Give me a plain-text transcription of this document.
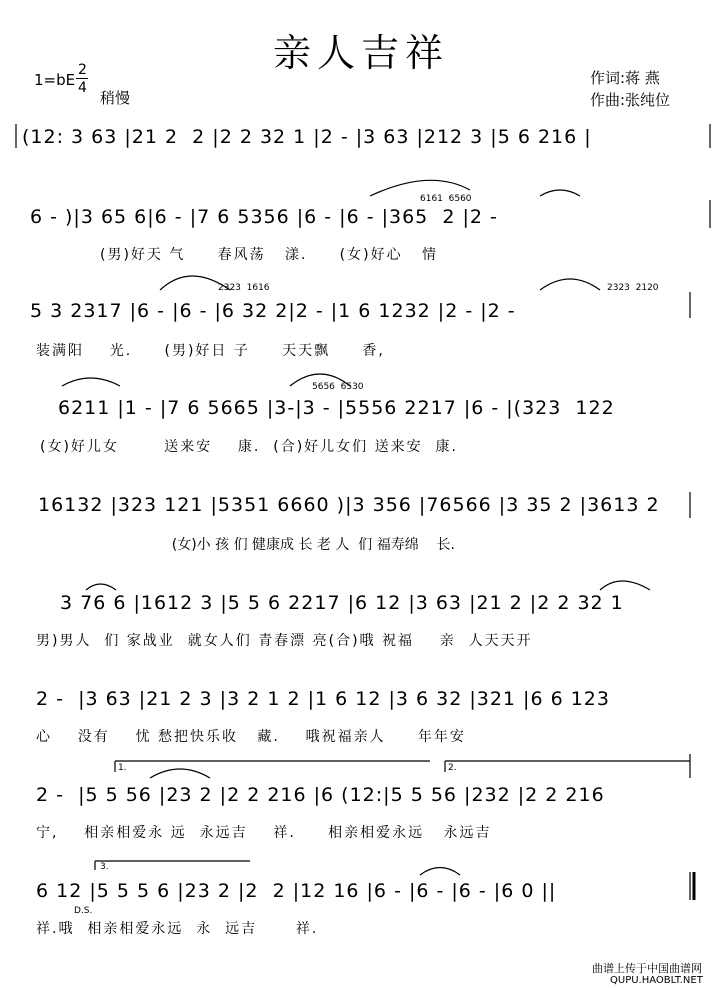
亲人吉祥
1=bE
2
4
稍慢
作词:蒋 燕
作曲:张纯位
(12: 3 63 |21 2  2 |2 2 32 1 |2 - |3 63 |212 3 |5 6 216 |
6161  6560
6 - )|3 65 6|6 - |7 6 5356 |6 - |6 - |365  2 |2 -
(男)好天 气     春风荡   漾.     (女)好心   情
2323  1616	2323  2120
5 3 2317 |6 - |6 - |6 32 2|2 - |1 6 1232 |2 - |2 -
装满阳    光.     (男)好日 子     天天飘     香,
5656  6530
6211 |1 - |7 6 5665 |3-|3 - |5556 2217 |6 - |(323  122
(女)好儿女       送来安    康.  (合)好儿女们 送来安  康.
16132 |323 121 |5351 6660 )|3 356 |76566 |3 35 2 |3613 2
(女)小 孩 们 健康成 长 老 人  们 福寿绵    长.
3 76 6 |1612 3 |5 5 6 2217 |6 12 |3 63 |21 2 |2 2 32 1
男)男人  们 家战业  就女人们 青春漂 亮(合)哦 祝福    亲  人天天开
2 -  |3 63 |21 2 3 |3 2 1 2 |1 6 12 |3 6 32 |321 |6 6 123
心    没有    忧 愁把快乐收   藏.    哦祝福亲人     年年安
1.	2.
2 -  |5 5 56 |23 2 |2 2 216 |6 (12:|5 5 56 |232 |2 2 216
宁,    相亲相爱永 远  永远吉    祥.     相亲相爱永远   永远吉
3.
6 12 |5 5 5 6 |23 2 |2  2 |12 16 |6 - |6 - |6 - |6 0 ||
D.S.
祥.哦  相亲相爱永远  永  远吉      祥.
曲谱上传于中国曲谱网
QUPU.HAOBLT.NET
